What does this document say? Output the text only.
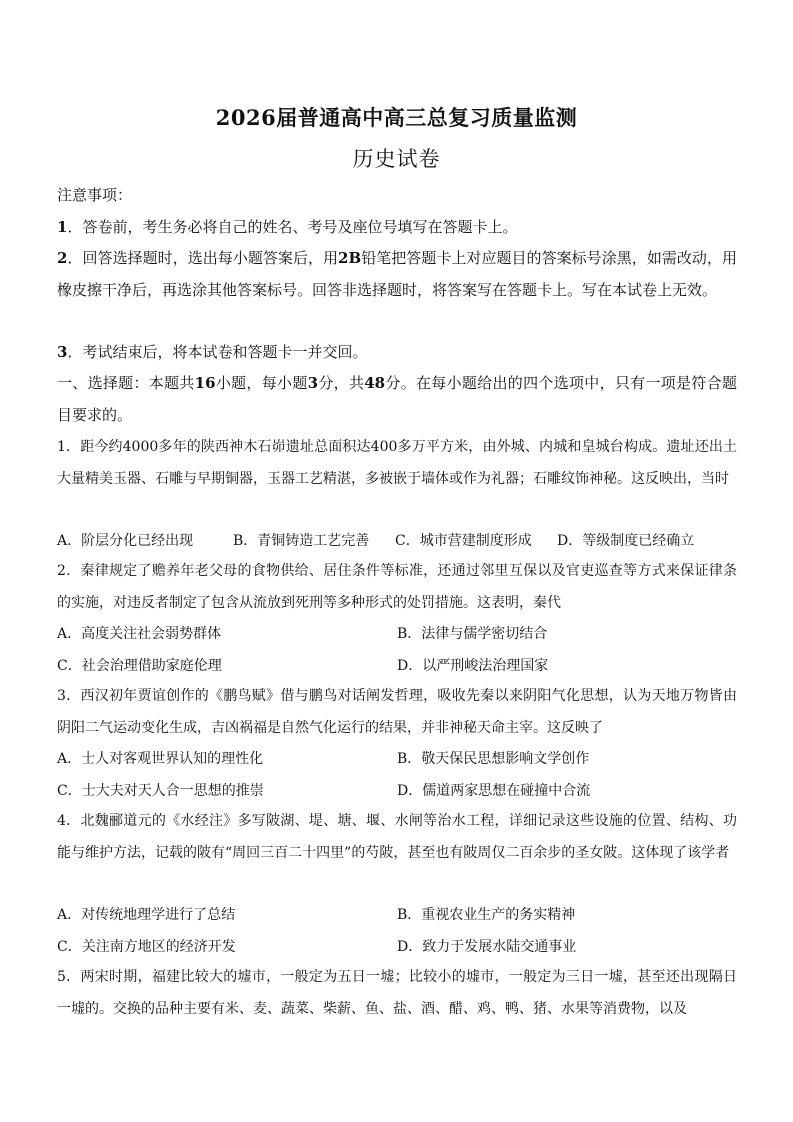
2026届普通高中高三总复习质量监测
历史试卷
注意事项：
1．答卷前，考生务必将自己的姓名、考号及座位号填写在答题卡上。
2．回答选择题时，选出每小题答案后，用2B铅笔把答题卡上对应题目的答案标号涂黑，如需改动，用橡皮擦干净后，再选涂其他答案标号。回答非选择题时，将答案写在答题卡上。写在本试卷上无效。
3．考试结束后，将本试卷和答题卡一并交回。
一、选择题：本题共16小题，每小题3分，共48分。在每小题给出的四个选项中，只有一项是符合题目要求的。
1．距今约4000多年的陕西神木石峁遗址总面积达400多万平方米，由外城、内城和皇城台构成。遗址还出土大量精美玉器、石雕与早期铜器，玉器工艺精湛，多被嵌于墙体或作为礼器；石雕纹饰神秘。这反映出，当时
A．阶层分化已经出现	B．青铜铸造工艺完善 C．城市营建制度形成 D．等级制度已经确立
2．秦律规定了赡养年老父母的食物供给、居住条件等标准，还通过邻里互保以及官吏巡查等方式来保证律条的实施，对违反者制定了包含从流放到死刑等多种形式的处罚措施。这表明，秦代
A．高度关注社会弱势群体	B．法律与儒学密切结合
C．社会治理借助家庭伦理	D．以严刑峻法治理国家
3．西汉初年贾谊创作的《鹏鸟赋》借与鹏鸟对话阐发哲理，吸收先秦以来阴阳气化思想，认为天地万物皆由阴阳二气运动变化生成，吉凶祸福是自然气化运行的结果，并非神秘天命主宰。这反映了
A．士人对客观世界认知的理性化	B．敬天保民思想影响文学创作
C．士大夫对天人合一思想的推崇	D．儒道两家思想在碰撞中合流
4．北魏郦道元的《水经注》多写陂湖、堤、塘、堰、水闸等治水工程，详细记录这些设施的位置、结构、功能与维护方法，记载的陂有“周回三百二十四里”的芍陂，甚至也有陂周仅二百余步的圣女陂。这体现了该学者
A．对传统地理学进行了总结	B．重视农业生产的务实精神
C．关注南方地区的经济开发	D．致力于发展水陆交通事业
5．两宋时期，福建比较大的墟市，一般定为五日一墟；比较小的墟市，一般定为三日一墟，甚至还出现隔日一墟的。交换的品种主要有米、麦、蔬菜、柴薪、鱼、盐、酒、醋、鸡、鸭、猪、水果等消费物，以及
